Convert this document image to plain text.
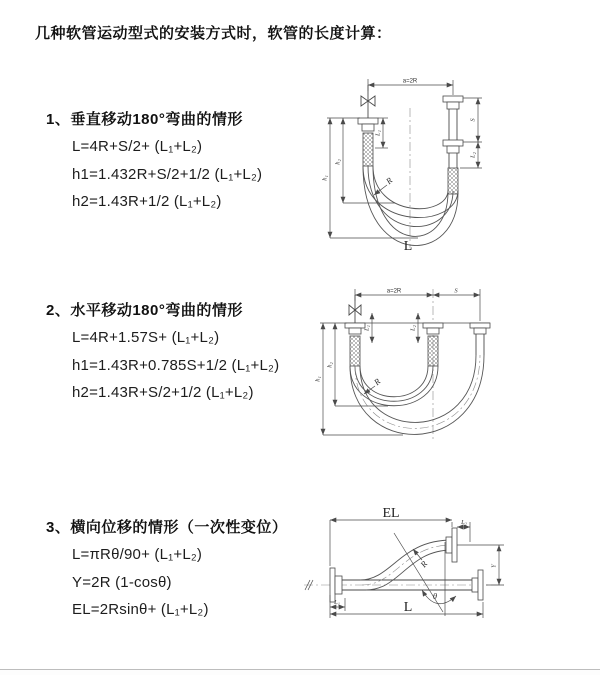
几种软管运动型式的安装方式时，软管的长度计算：
1、垂直移动180°弯曲的情形
L=4R+S/2+ (L₁+L₂)
h1=1.432R+S/2+1/2 (L₁+L₂)
h2=1.43R+1/2 (L₁+L₂)
a=2R
h₁
h₂
L₁
S
L₂
R
L
2、水平移动180°弯曲的情形
L=4R+1.57S+ (L₁+L₂)
h1=1.43R+0.785S+1/2 (L₁+L₂)
h2=1.43R+S/2+1/2 (L₁+L₂)
a=2R	S
h₁
h₂
L₁	L₂
R
3、横向位移的情形（一次性变位）
L=πRθ/90+ (L₁+L₂)
Y=2R (1-cosθ)
EL=2Rsinθ+ (L₁+L₂)
EL
L₂
Y
R
θ
L₁	L
